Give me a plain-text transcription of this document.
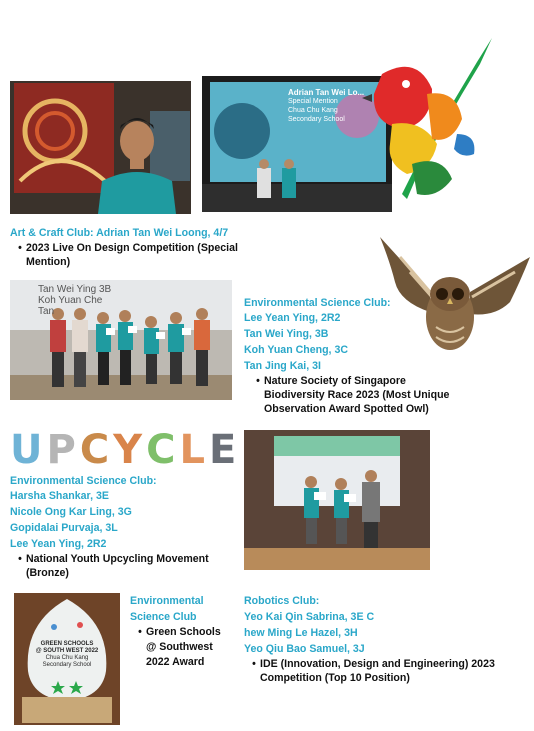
Adrian Tan Wei Lo...
Special Mention
Chua Chu Kang
Secondary School
Art & Craft Club: Adrian Tan Wei Loong, 4/7
• 2023 Live On Design Competition (Special Mention)
Tan Wei Ying 3B
Koh Yuan Che
Tan
Environmental Science Club:
Lee Yean Ying, 2R2
Tan Wei Ying, 3B
Koh Yuan Cheng, 3C
Tan Jing Kai, 3I
• Nature Society of Singapore Biodiversity Race 2023 (Most Unique Observation Award Spotted Owl)
U P C Y C L E
Environmental Science Club:
Harsha Shankar, 3E
Nicole Ong Kar Ling, 3G
Gopidalai Purvaja, 3L
Lee Yean Ying, 2R2
• National Youth Upcycling Movement (Bronze)
GREEN SCHOOLS
@ SOUTH WEST 2022
Chua Chu Kang
Secondary School
Environmental Science Club
• Green Schools @ Southwest 2022 Award
Robotics Club:
Yeo Kai Qin Sabrina, 3E C
hew Ming Le Hazel, 3H
Yeo Qiu Bao Samuel, 3J
• IDE (Innovation, Design and Engineering) 2023 Competition (Top 10 Position)
